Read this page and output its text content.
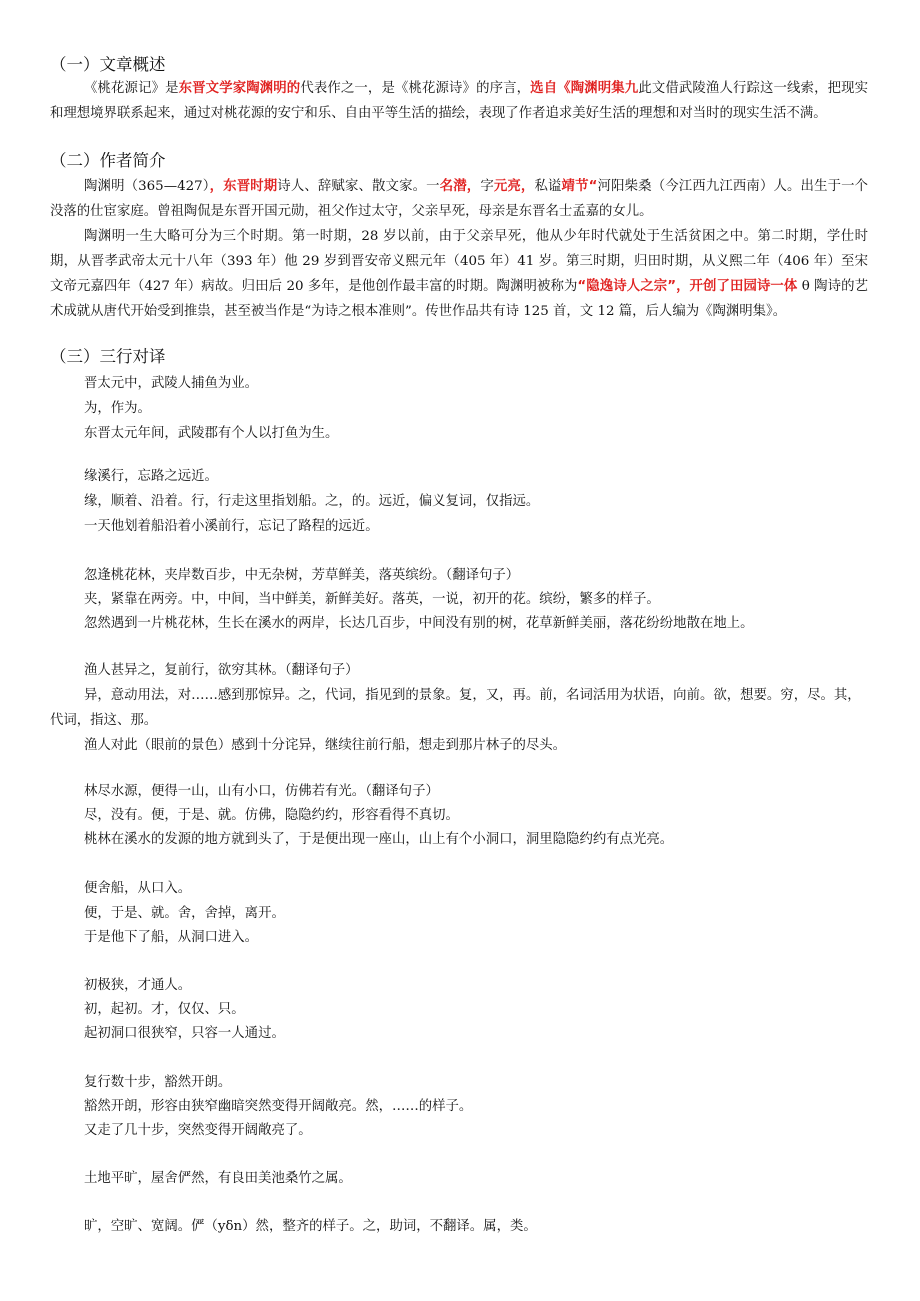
（一）文章概述
《桃花源记》是东晋文学家陶渊明的代表作之一，是《桃花源诗》的序言，选自《陶渊明集九此文借武陵渔人行踪这一线索，把现实和理想境界联系起来，通过对桃花源的安宁和乐、自由平等生活的描绘，表现了作者追求美好生活的理想和对当时的现实生活不满。
（二）作者简介
陶渊明（365—427），东晋时期诗人、辞赋家、散文家。一名潜，字元亮，私谥靖节“河阳柴桑（今江西九江西南）人。出生于一个没落的仕宦家庭。曾祖陶侃是东晋开国元勋，祖父作过太守，父亲早死，母亲是东晋名士孟嘉的女儿。
陶渊明一生大略可分为三个时期。第一时期，28 岁以前，由于父亲早死，他从少年时代就处于生活贫困之中。第二时期，学仕时期，从晋孝武帝太元十八年（393 年）他 29 岁到晋安帝义熙元年（405 年）41 岁。第三时期，归田时期，从义熙二年（406 年）至宋文帝元嘉四年（427 年）病故。归田后 20 多年，是他创作最丰富的时期。陶渊明被称为“隐逸诗人之宗”，开创了田园诗一体 θ 陶诗的艺术成就从唐代开始受到推祟，甚至被当作是“为诗之根本准则”。传世作品共有诗 125 首，文 12 篇，后人编为《陶渊明集》。
（三）三行对译
晋太元中，武陵人捕鱼为业。
为，作为。
东晋太元年间，武陵郡有个人以打鱼为生。
缘溪行，忘路之远近。
缘，顺着、沿着。行，行走这里指划船。之，的。远近，偏义复词，仅指远。
一天他划着船沿着小溪前行，忘记了路程的远近。
忽逢桃花林，夹岸数百步，中无杂树，芳草鲜美，落英缤纷。（翻译句子）
夹，紧靠在两旁。中，中间，当中鲜美，新鲜美好。落英，一说，初开的花。缤纷，繁多的样子。
忽然遇到一片桃花林，生长在溪水的两岸，长达几百步，中间没有别的树，花草新鲜美丽，落花纷纷地散在地上。
渔人甚异之，复前行，欲穷其林。（翻译句子）
异，意动用法，对……感到那惊异。之，代词，指见到的景象。复，又，再。前，名词活用为状语，向前。欲，想要。穷，尽。其，代词，指这、那。
渔人对此（眼前的景色）感到十分诧异，继续往前行船，想走到那片林子的尽头。
林尽水源，便得一山，山有小口，仿佛若有光。（翻译句子）
尽，没有。便，于是、就。仿佛，隐隐约约，形容看得不真切。
桃林在溪水的发源的地方就到头了，于是便出现一座山，山上有个小洞口，洞里隐隐约约有点光亮。
便舍船，从口入。
便，于是、就。舍，舍掉，离开。
于是他下了船，从洞口进入。
初极狭，才通人。
初，起初。才，仅仅、只。
起初洞口很狭窄，只容一人通过。
复行数十步，豁然开朗。
豁然开朗，形容由狭窄幽暗突然变得开阔敞亮。然，……的样子。
又走了几十步，突然变得开阔敞亮了。
土地平旷，屋舍俨然，有良田美池桑竹之属。
旷，空旷、宽阔。俨（yδn）然，整齐的样子。之，助词，不翻译。属，类。
